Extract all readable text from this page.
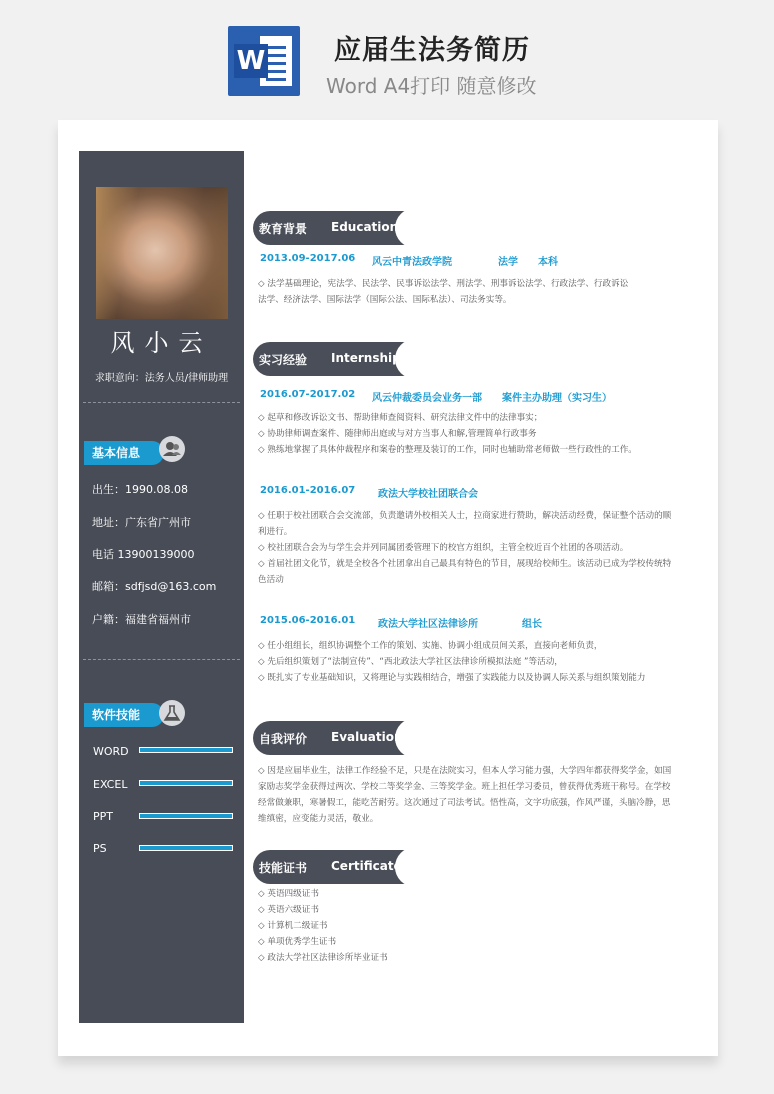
W	应届生法务简历
Word A4打印 随意修改
风小云
求职意向：法务人员/律师助理
基本信息
出生：1990.08.08
地址：广东省广州市
电话 13900139000
邮箱：sdfjsd@163.com
户籍：福建省福州市
软件技能
WORD
EXCEL
PPT
PS
教育背景 Education
2013.09-2017.06 风云中青法政学院	法学 本科
◇ 法学基础理论，宪法学、民法学、民事诉讼法学、刑法学、刑事诉讼法学、行政法学、行政诉讼
法学、经济法学、国际法学（国际公法、国际私法）、司法务实等。
实习经验 Internship
2016.07-2017.02 风云仲裁委员会业务一部 案件主办助理（实习生）
◇ 起草和修改诉讼文书、帮助律师查阅资料、研究法律文件中的法律事实；
◇ 协助律师调查案件、随律师出庭或与对方当事人和解,管理简单行政事务
◇ 熟练地掌握了具体仲裁程序和案卷的整理及装订的工作，同时也辅助常老师做一些行政性的工作。
2016.01-2016.07 政法大学校社团联合会
◇ 任职于校社团联合会交流部，负责邀请外校相关人士，拉商家进行赞助，解决活动经费，保证整个活动的顺利进行。
◇ 校社团联合会为与学生会并列同属团委管理下的校官方组织，主管全校近百个社团的各项活动。
◇ 首届社团文化节，就是全校各个社团拿出自己最具有特色的节目，展现给校师生。该活动已成为学校传统特色活动
2015.06-2016.01 政法大学社区法律诊所	组长
◇ 任小组组长，组织协调整个工作的策划、实施、协调小组成员间关系，直接向老师负责，
◇ 先后组织策划了“法制宣传”、“西北政法大学社区法律诊所模拟法庭 ”等活动，
◇ 既扎实了专业基础知识，又将理论与实践相结合，增强了实践能力以及协调人际关系与组织策划能力
自我评价 Evaluation
◇ 因是应届毕业生，法律工作经验不足，只是在法院实习，但本人学习能力强，大学四年都获得奖学金，如国家励志奖学金获得过两次、学校二等奖学金、三等奖学金。班上担任学习委员，曾获得优秀班干称号。在学校经常做兼职，寒暑假工，能吃苦耐劳。这次通过了司法考试。悟性高，文字功底强，作风严谨，头脑冷静，思维缜密，应变能力灵活，敬业。
技能证书 Certificate
◇ 英语四级证书
◇ 英语六级证书
◇ 计算机二级证书
◇ 单项优秀学生证书
◇ 政法大学社区法律诊所毕业证书
